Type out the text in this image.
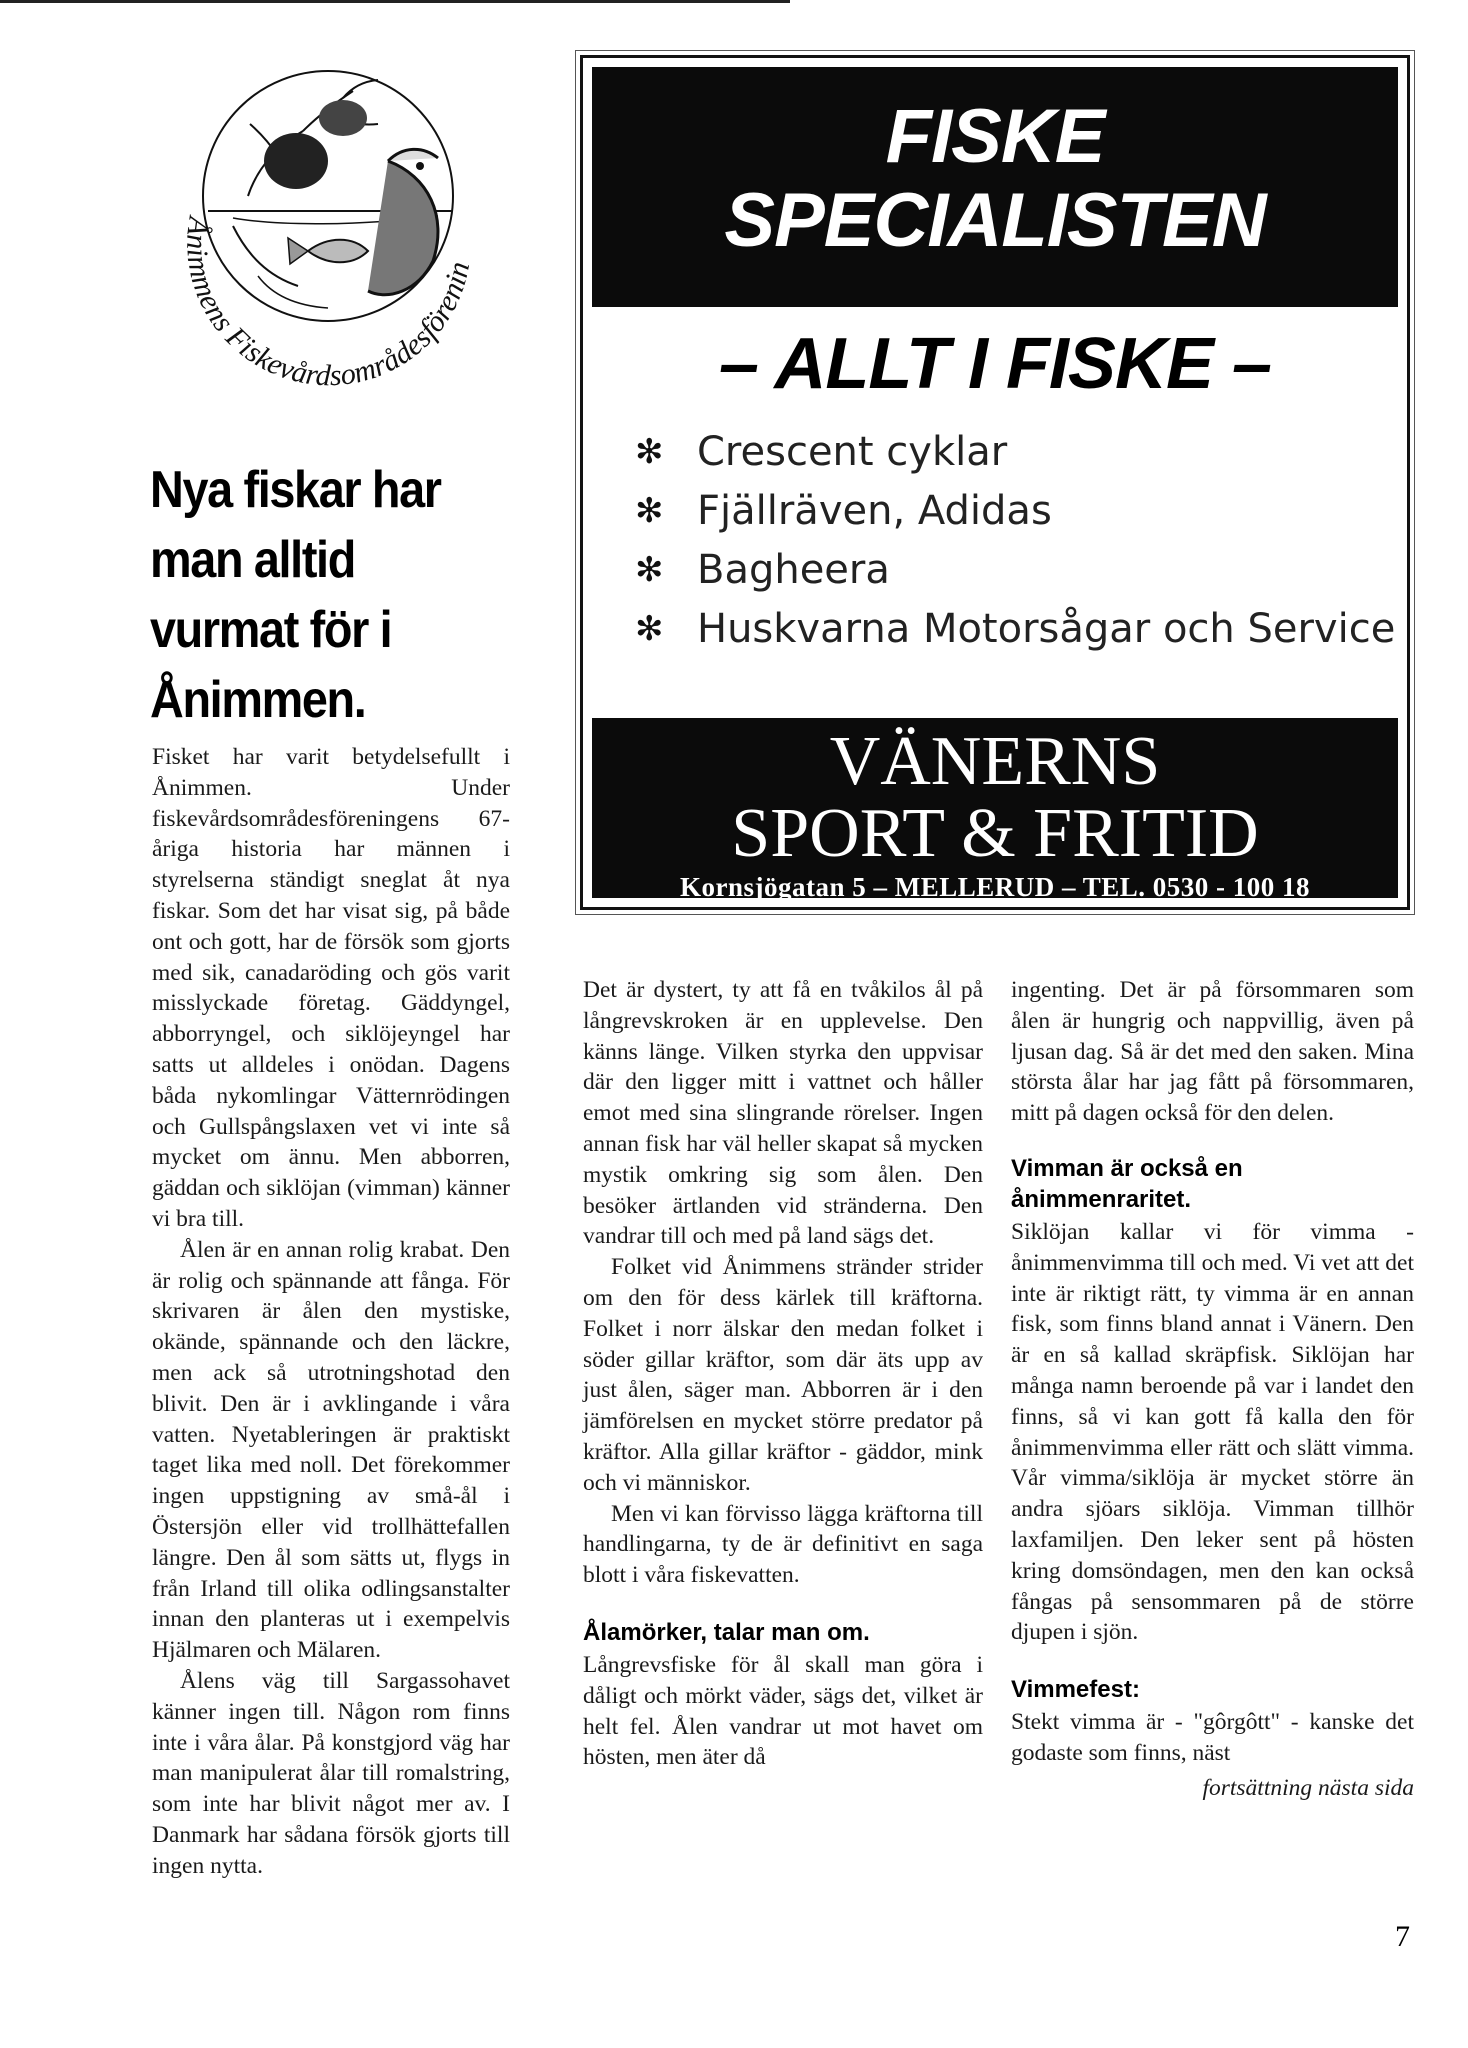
Ånimmens Fiskevårdsområdesförenin
Nya fiskar har man alltid vurmat för i Ånimmen.

Fisket har varit betydelsefullt i Ånimmen. Under fiskevårdsområdesföreningens 67-åriga historia har männen i styrelserna ständigt sneglat åt nya fiskar. Som det har visat sig, på både ont och gott, har de försök som gjorts med sik, canadaröding och gös varit misslyckade företag. Gäddyngel, abborryngel, och siklöjeyngel har satts ut alldeles i onödan. Dagens båda nykomlingar Vätternrödingen och Gullspångslaxen vet vi inte så mycket om ännu. Men abborren, gäddan och siklöjan (vimman) känner vi bra till.

Ålen är en annan rolig krabat. Den är rolig och spännande att fånga. För skrivaren är ålen den mystiske, okände, spännande och den läckre, men ack så utrotningshotad den blivit. Den är i avklingande i våra vatten. Nyetableringen är praktiskt taget lika med noll. Det förekommer ingen uppstigning av små-ål i Östersjön eller vid trollhättefallen längre. Den ål som sätts ut, flygs in från Irland till olika odlingsanstalter innan den planteras ut i exempelvis Hjälmaren och Mälaren.

Ålens väg till Sargassohavet känner ingen till. Någon rom finns inte i våra ålar. På konstgjord väg har man manipulerat ålar till romalstring, som inte har blivit något mer av. I Danmark har sådana försök gjorts till ingen nytta.

FISKE
SPECIALISTEN
– ALLT I FISKE –
✻ Crescent cyklar
✻ Fjällräven, Adidas
✻ Bagheera
✻ Huskvarna Motorsågar och Service
VÄNERNS
SPORT & FRITID
Kornsjögatan 5 – MELLERUD – TEL. 0530 - 100 18

Det är dystert, ty att få en tvåkilos ål på långrevskroken är en upplevelse. Den känns länge. Vilken styrka den uppvisar där den ligger mitt i vattnet och håller emot med sina slingrande rörelser. Ingen annan fisk har väl heller skapat så mycken mystik omkring sig som ålen. Den besöker ärtlanden vid stränderna. Den vandrar till och med på land sägs det.

Folket vid Ånimmens stränder strider om den för dess kärlek till kräftorna. Folket i norr älskar den medan folket i söder gillar kräftor, som där äts upp av just ålen, säger man. Abborren är i den jämförelsen en mycket större predator på kräftor. Alla gillar kräftor - gäddor, mink och vi människor.

Men vi kan förvisso lägga kräftorna till handlingarna, ty de är definitivt en saga blott i våra fiskevatten.

Ålamörker, talar man om.

Långrevsfiske för ål skall man göra i dåligt och mörkt väder, sägs det, vilket är helt fel. Ålen vandrar ut mot havet om hösten, men äter då

ingenting. Det är på försommaren som ålen är hungrig och nappvillig, även på ljusan dag. Så är det med den saken. Mina största ålar har jag fått på försommaren, mitt på dagen också för den delen.

Vimman är också en ånimmenraritet.

Siklöjan kallar vi för vimma - ånimmenvimma till och med. Vi vet att det inte är riktigt rätt, ty vimma är en annan fisk, som finns bland annat i Vänern. Den är en så kallad skräpfisk. Siklöjan har många namn beroende på var i landet den finns, så vi kan gott få kalla den för ånimmenvimma eller rätt och slätt vimma. Vår vimma/siklöja är mycket större än andra sjöars siklöja. Vimman tillhör laxfamiljen. Den leker sent på hösten kring domsöndagen, men den kan också fångas på sensommaren på de större djupen i sjön.

Vimmefest:

Stekt vimma är - "gôrgôtt" - kanske det godaste som finns, näst

fortsättning nästa sida
7
